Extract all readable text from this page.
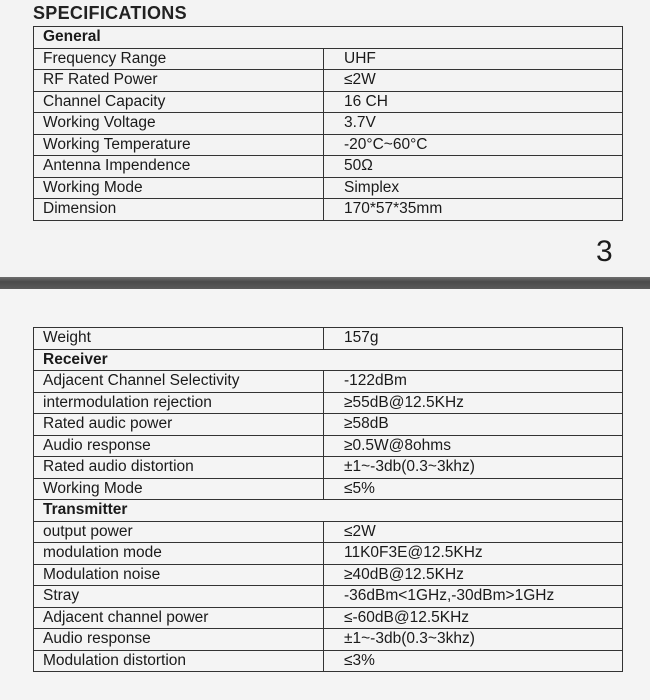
SPECIFICATIONS
General	
Frequency Range	UHF
RF Rated Power	≤2W
Channel Capacity	16 CH
Working Voltage	3.7V
Working Temperature	-20°C~60°C
Antenna Impendence	50Ω
Working Mode	Simplex
Dimension	170*57*35mm
3
Weight	157g
Receiver	
Adjacent Channel Selectivity	-122dBm
intermodulation rejection	≥55dB@12.5KHz
Rated audic power	≥58dB
Audio response	≥0.5W@8ohms
Rated audio distortion	±1~-3db(0.3~3khz)
Working Mode	≤5%
Transmitter	
output power	≤2W
modulation mode	11K0F3E@12.5KHz
Modulation noise	≥40dB@12.5KHz
Stray	-36dBm<1GHz,-30dBm>1GHz
Adjacent channel power	≤-60dB@12.5KHz
Audio response	±1~-3db(0.3~3khz)
Modulation distortion	≤3%
